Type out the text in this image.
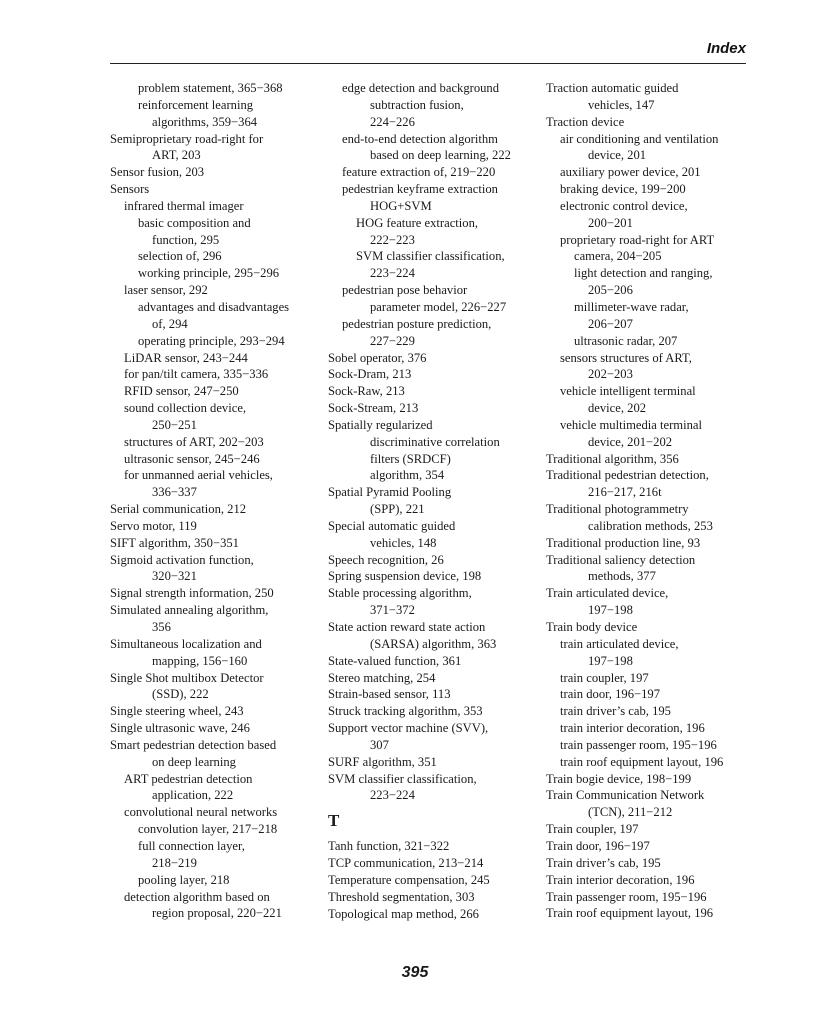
Index
problem statement, 365−368
reinforcement learning
algorithms, 359−364
Semiproprietary road-right for
ART, 203
Sensor fusion, 203
Sensors
infrared thermal imager
basic composition and
function, 295
selection of, 296
working principle, 295−296
laser sensor, 292
advantages and disadvantages
of, 294
operating principle, 293−294
LiDAR sensor, 243−244
for pan/tilt camera, 335−336
RFID sensor, 247−250
sound collection device,
250−251
structures of ART, 202−203
ultrasonic sensor, 245−246
for unmanned aerial vehicles,
336−337
Serial communication, 212
Servo motor, 119
SIFT algorithm, 350−351
Sigmoid activation function,
320−321
Signal strength information, 250
Simulated annealing algorithm,
356
Simultaneous localization and
mapping, 156−160
Single Shot multibox Detector
(SSD), 222
Single steering wheel, 243
Single ultrasonic wave, 246
Smart pedestrian detection based
on deep learning
ART pedestrian detection
application, 222
convolutional neural networks
convolution layer, 217−218
full connection layer,
218−219
pooling layer, 218
detection algorithm based on
region proposal, 220−221
edge detection and background
subtraction fusion,
224−226
end-to-end detection algorithm
based on deep learning, 222
feature extraction of, 219−220
pedestrian keyframe extraction
HOG+SVM
HOG feature extraction,
222−223
SVM classifier classification,
223−224
pedestrian pose behavior
parameter model, 226−227
pedestrian posture prediction,
227−229
Sobel operator, 376
Sock-Dram, 213
Sock-Raw, 213
Sock-Stream, 213
Spatially regularized
discriminative correlation
filters (SRDCF)
algorithm, 354
Spatial Pyramid Pooling
(SPP), 221
Special automatic guided
vehicles, 148
Speech recognition, 26
Spring suspension device, 198
Stable processing algorithm,
371−372
State action reward state action
(SARSA) algorithm, 363
State-valued function, 361
Stereo matching, 254
Strain-based sensor, 113
Struck tracking algorithm, 353
Support vector machine (SVV),
307
SURF algorithm, 351
SVM classifier classification,
223−224
T
Tanh function, 321−322
TCP communication, 213−214
Temperature compensation, 245
Threshold segmentation, 303
Topological map method, 266
Traction automatic guided
vehicles, 147
Traction device
air conditioning and ventilation
device, 201
auxiliary power device, 201
braking device, 199−200
electronic control device,
200−201
proprietary road-right for ART
camera, 204−205
light detection and ranging,
205−206
millimeter-wave radar,
206−207
ultrasonic radar, 207
sensors structures of ART,
202−203
vehicle intelligent terminal
device, 202
vehicle multimedia terminal
device, 201−202
Traditional algorithm, 356
Traditional pedestrian detection,
216−217, 216t
Traditional photogrammetry
calibration methods, 253
Traditional production line, 93
Traditional saliency detection
methods, 377
Train articulated device,
197−198
Train body device
train articulated device,
197−198
train coupler, 197
train door, 196−197
train driver’s cab, 195
train interior decoration, 196
train passenger room, 195−196
train roof equipment layout, 196
Train bogie device, 198−199
Train Communication Network
(TCN), 211−212
Train coupler, 197
Train door, 196−197
Train driver’s cab, 195
Train interior decoration, 196
Train passenger room, 195−196
Train roof equipment layout, 196
395
